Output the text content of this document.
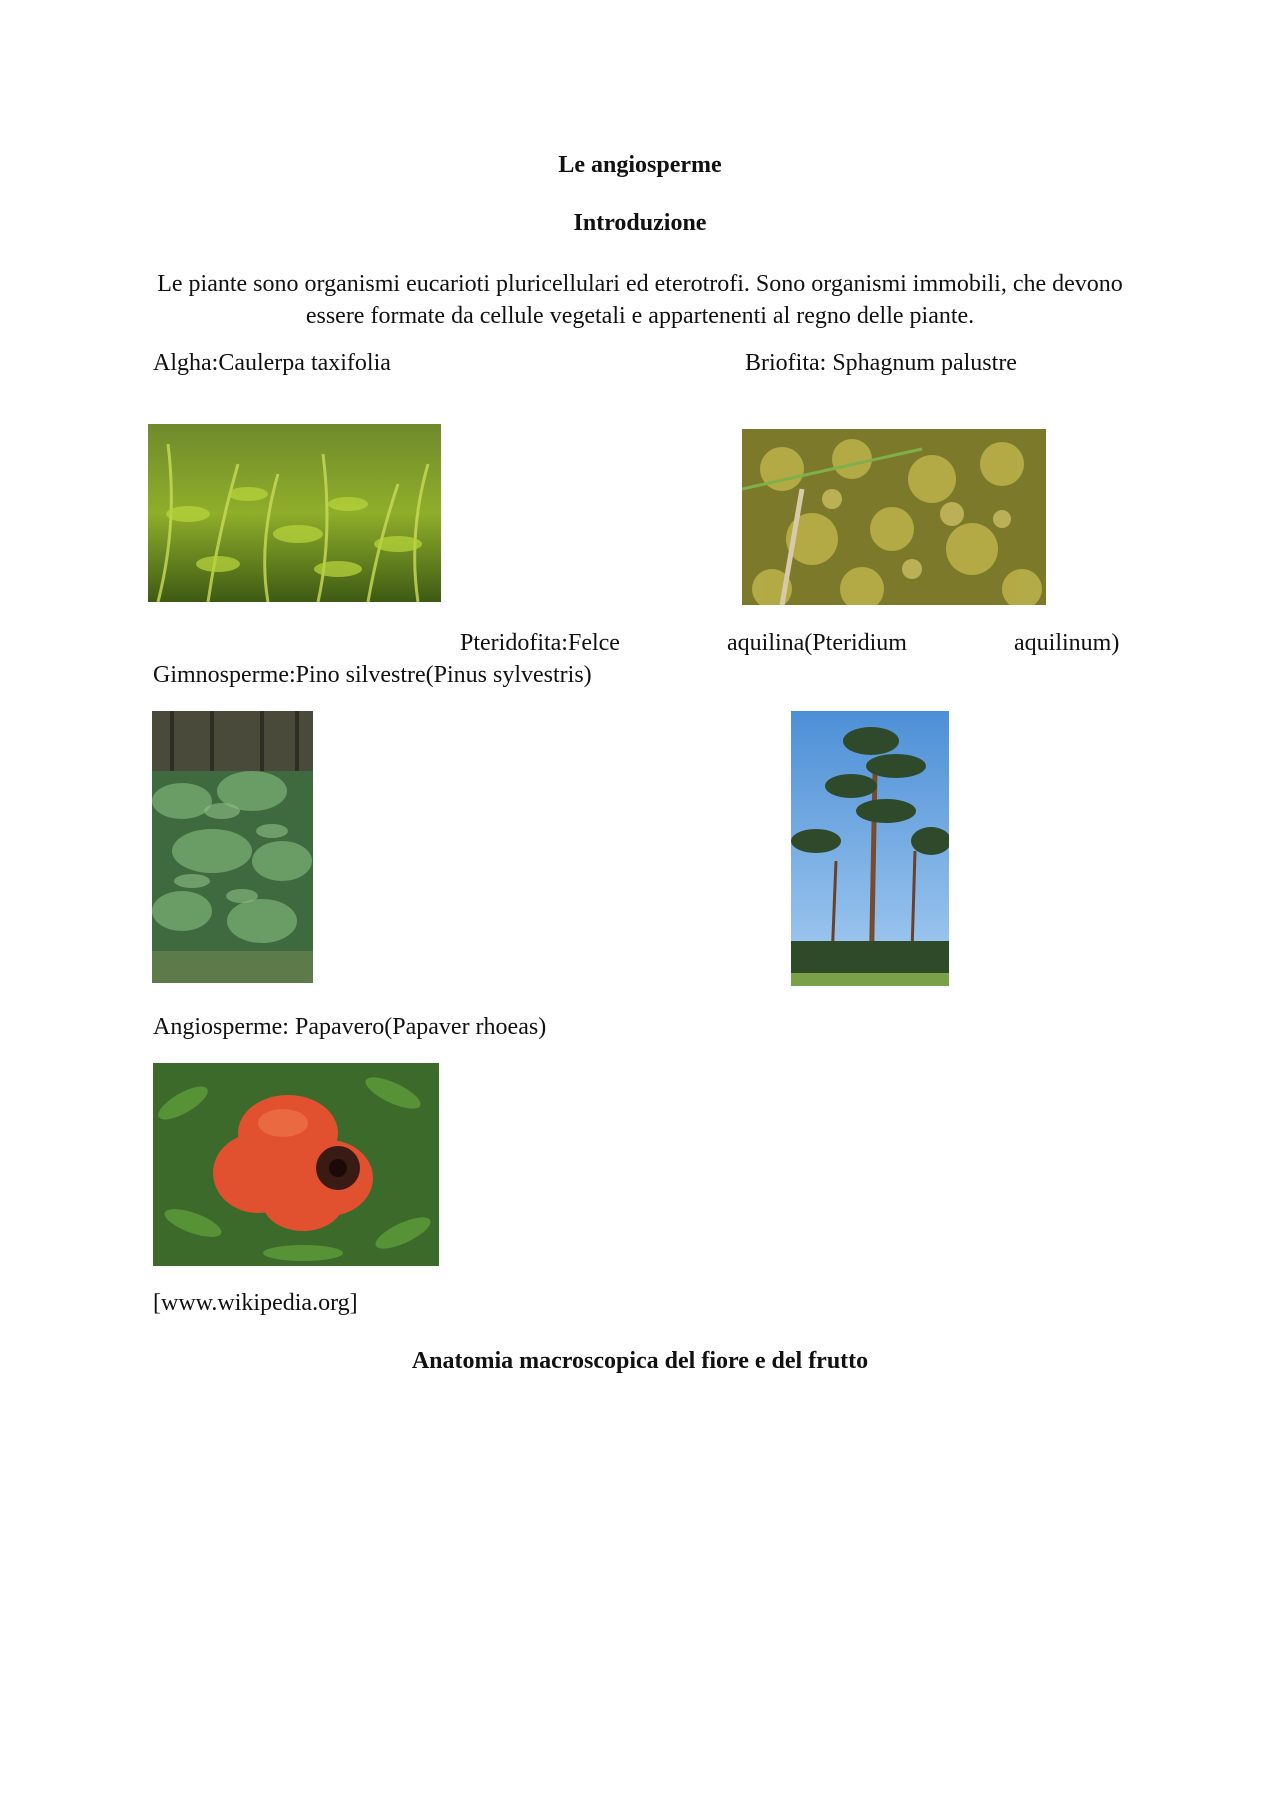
Le angiosperme
Introduzione
Le piante sono organismi eucarioti pluricellulari ed eterotrofi. Sono organismi immobili, che devono essere formate da cellule vegetali e appartenenti al regno delle piante.
Algha:Caulerpa taxifolia	Briofita: Sphagnum palustre
Pteridofita:Felce	aquilina(Pteridium	aquilinum)
Gimnosperme:Pino silvestre(Pinus sylvestris)
Angiosperme: Papavero(Papaver rhoeas)
[www.wikipedia.org]
Anatomia macroscopica del fiore e del frutto
